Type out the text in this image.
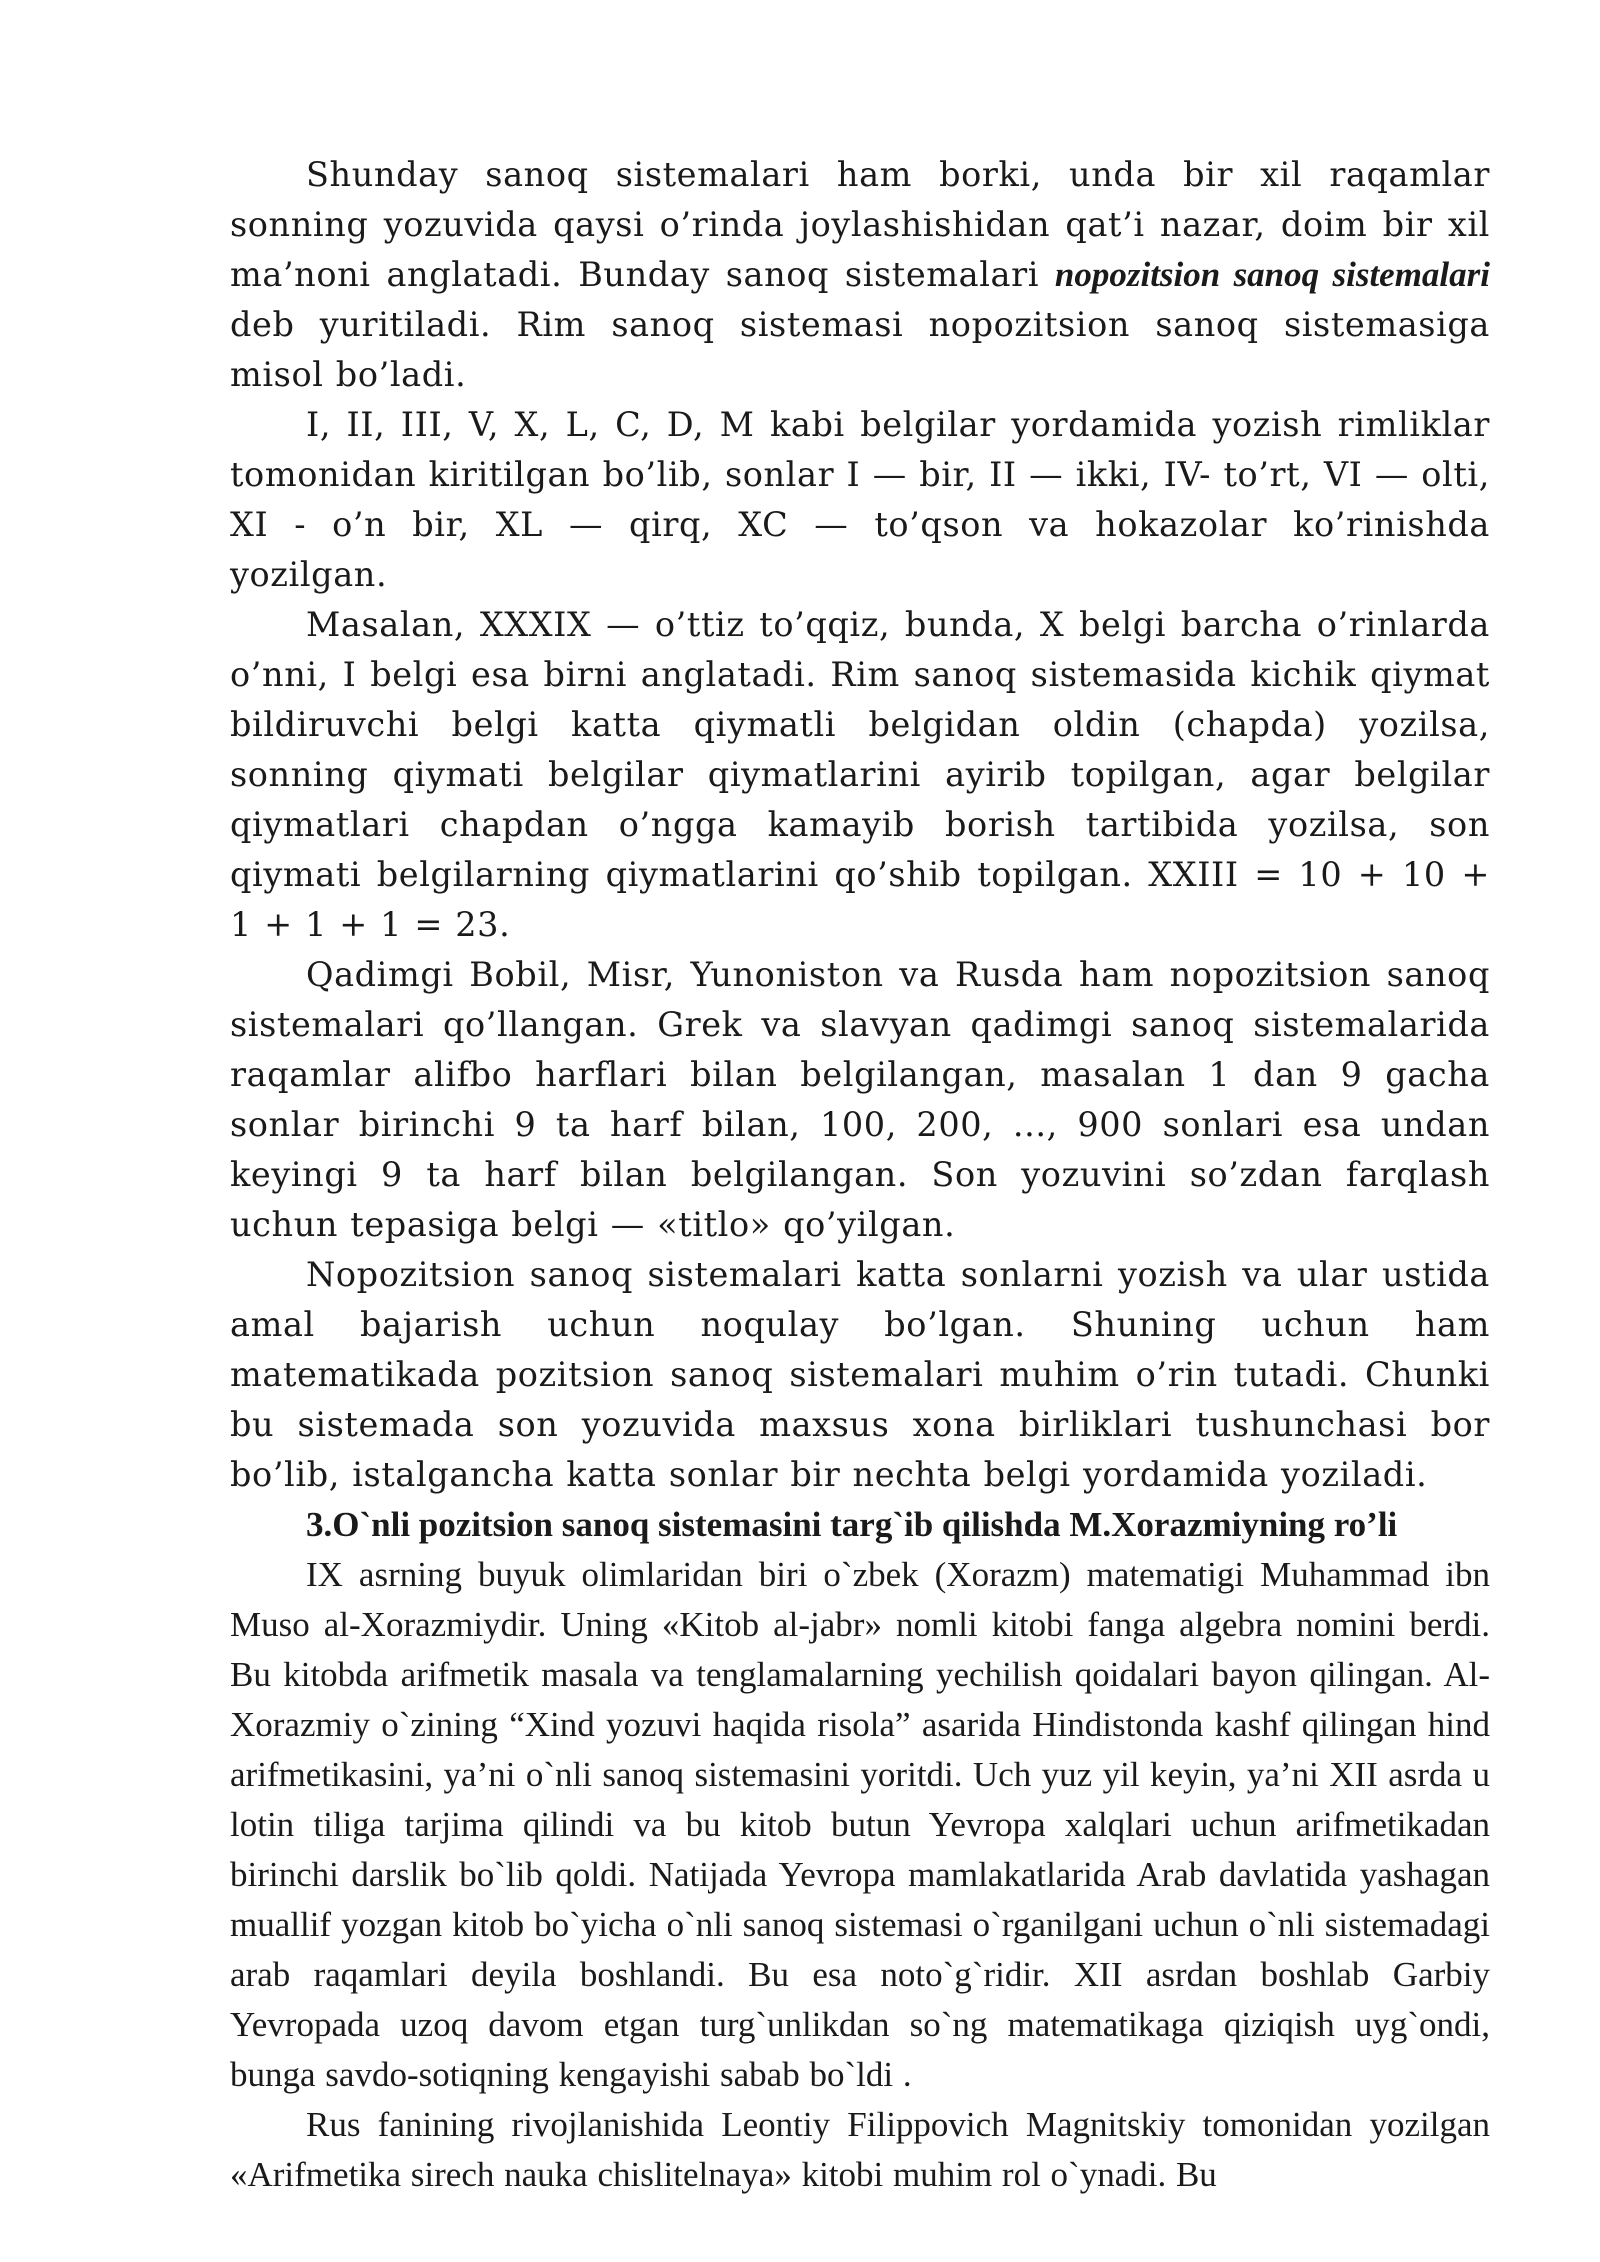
Shunday sanoq sistemalari ham borki, unda bir xil raqamlar sonning yozuvida qaysi o’rinda joylashishidan qat’i nazar, doim bir xil ma’noni anglatadi. Bunday sanoq sistemalari nopozitsion sanoq sistemalari deb yuritiladi. Rim sanoq sistemasi nopozitsion sanoq sistemasiga misol bo’ladi.

I, II, III, V, X, L, C, D, M kabi belgilar yordamida yozish rimliklar tomonidan kiritilgan bo’lib, sonlar I — bir, II — ikki, IV- to’rt, VI — olti, XI - o’n bir, XL — qirq, XC — to’qson va hokazolar ko’rinishda yozilgan.

Masalan, XXXIX — o’ttiz to’qqiz, bunda, X belgi barcha o’rinlarda o’nni, I belgi esa birni anglatadi. Rim sanoq sistemasida kichik qiymat bildiruvchi belgi katta qiymatli belgidan oldin (chapda) yozilsa, sonning qiymati belgilar qiymatlarini ayirib topilgan, agar belgilar qiymatlari chapdan o’ngga kamayib borish tartibida yozilsa, son qiymati belgilarning qiymatlarini qo’shib topilgan. XXIII = 10 + 10 + 1 + 1 + 1 = 23.

Qadimgi Bobil, Misr, Yunoniston va Rusda ham nopozitsion sanoq sistemalari qo’llangan. Grek va slavyan qadimgi sanoq sistemalarida raqamlar alifbo harflari bilan belgilangan, masalan 1 dan 9 gacha sonlar birinchi 9 ta harf bilan, 100, 200, ..., 900 sonlari esa undan keyingi 9 ta harf bilan belgilangan. Son yozuvini so’zdan farqlash uchun tepasiga belgi — «titlo» qo’yilgan.

Nopozitsion sanoq sistemalari katta sonlarni yozish va ular ustida amal bajarish uchun noqulay bo’lgan. Shuning uchun ham matematikada pozitsion sanoq sistemalari muhim o’rin tutadi. Chunki bu sistemada son yozuvida maxsus xona birliklari tushunchasi bor bo’lib, istalgancha katta sonlar bir nechta belgi yordamida yoziladi.

3.O`nli pozitsion sanoq sistemasini targ`ib qilishda M.Xorazmiyning ro’li

IX asrning buyuk olimlaridan biri o`zbek (Xorazm) matematigi Muhammad ibn Muso al-Xorazmiydir. Uning «Kitob al-jabr» nomli kitobi fanga algebra nomini berdi. Bu kitobda arifmetik masala va tenglamalarning yechilish qoidalari bayon qilingan. Al-Xorazmiy o`zining “Xind yozuvi haqida risola” asarida Hindistonda kashf qilingan hind arifmetikasini, ya’ni o`nli sanoq sistemasini yoritdi. Uch yuz yil keyin, ya’ni XII asrda u lotin tiliga tarjima qilindi va bu kitob butun Yevropa xalqlari uchun arifmetikadan birinchi darslik bo`lib qoldi. Natijada Yevropa mamlakatlarida Arab davlatida yashagan muallif yozgan kitob bo`yicha o`nli sanoq sistemasi o`rganilgani uchun o`nli sistemadagi arab raqamlari deyila boshlandi. Bu esa noto`g`ridir. XII asrdan boshlab Garbiy Yevropada uzoq davom etgan turg`unlikdan so`ng matematikaga qiziqish uyg`ondi, bunga savdo-sotiqning kengayishi sabab bo`ldi .

Rus fanining rivojlanishida Leontiy Filippovich Magnitskiy tomonidan yozilgan «Arifmetika sirech nauka chislitelnaya» kitobi muhim rol o`ynadi. Bu
